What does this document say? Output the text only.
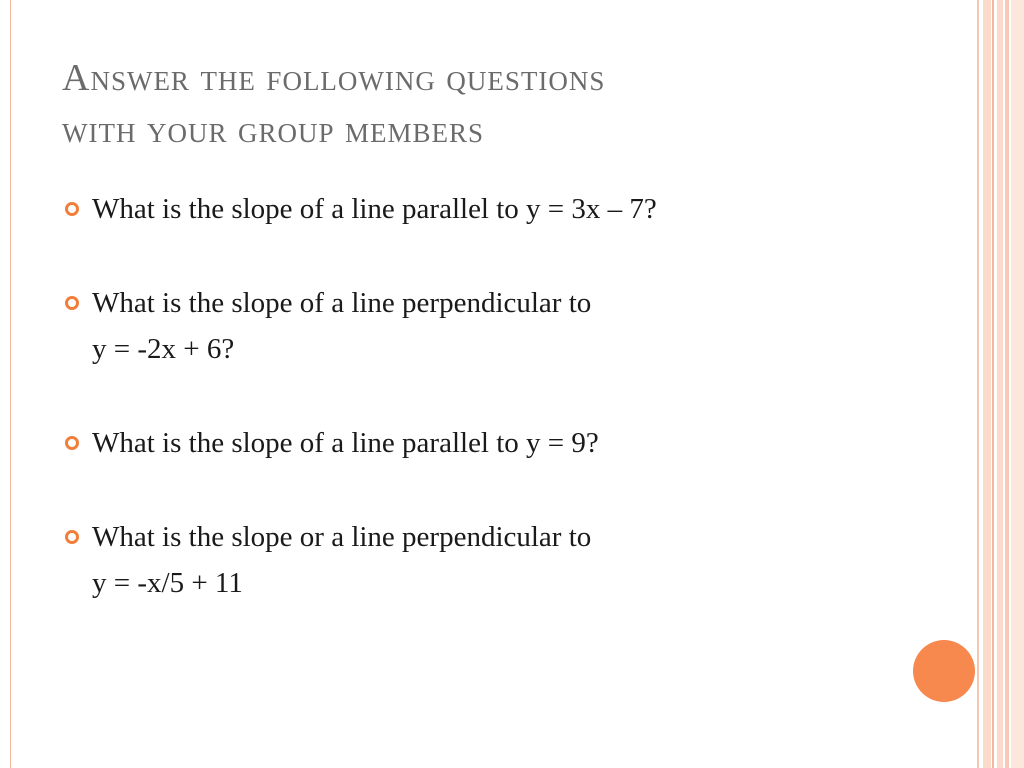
Answer the following questions
with your group members
What is the slope of a line parallel to y = 3x – 7?
What is the slope of a line perpendicular to
y = -2x + 6?
What is the slope of a line parallel to y = 9?
What is the slope or a line perpendicular to
y = -x/5 + 11
